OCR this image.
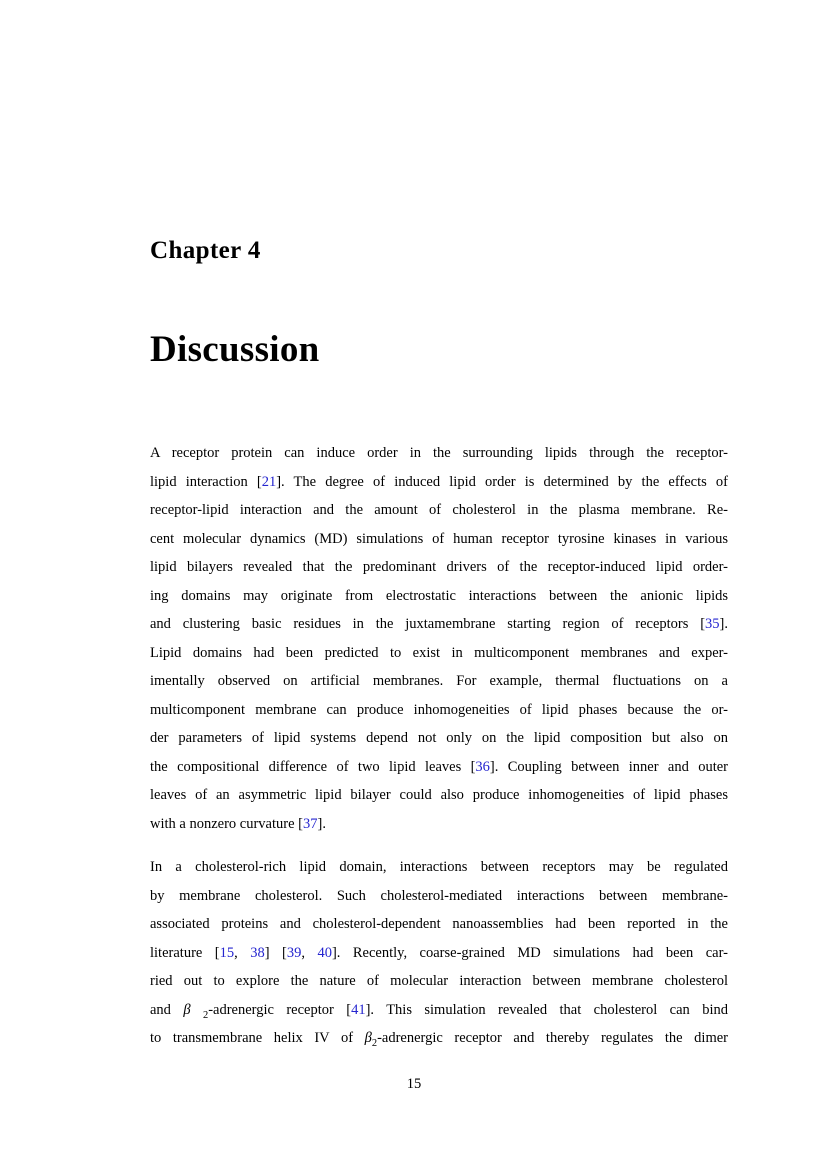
Chapter 4
Discussion
A receptor protein can induce order in the surrounding lipids through the receptor-
lipid interaction [21]. The degree of induced lipid order is determined by the effects of
receptor-lipid interaction and the amount of cholesterol in the plasma membrane. Re-
cent molecular dynamics (MD) simulations of human receptor tyrosine kinases in various
lipid bilayers revealed that the predominant drivers of the receptor-induced lipid order-
ing domains may originate from electrostatic interactions between the anionic lipids
and clustering basic residues in the juxtamembrane starting region of receptors [35].
Lipid domains had been predicted to exist in multicomponent membranes and exper-
imentally observed on artificial membranes. For example, thermal fluctuations on a
multicomponent membrane can produce inhomogeneities of lipid phases because the or-
der parameters of lipid systems depend not only on the lipid composition but also on
the compositional difference of two lipid leaves [36]. Coupling between inner and outer
leaves of an asymmetric lipid bilayer could also produce inhomogeneities of lipid phases
with a nonzero curvature [37].
In a cholesterol-rich lipid domain, interactions between receptors may be regulated
by membrane cholesterol. Such cholesterol-mediated interactions between membrane-
associated proteins and cholesterol-dependent nanoassemblies had been reported in the
literature [15, 38] [39, 40]. Recently, coarse-grained MD simulations had been car-
ried out to explore the nature of molecular interaction between membrane cholesterol
and β $_2$-adrenergic receptor [41]. This simulation revealed that cholesterol can bind
to transmembrane helix IV of $\beta_2$-adrenergic receptor and thereby regulates the dimer
15
